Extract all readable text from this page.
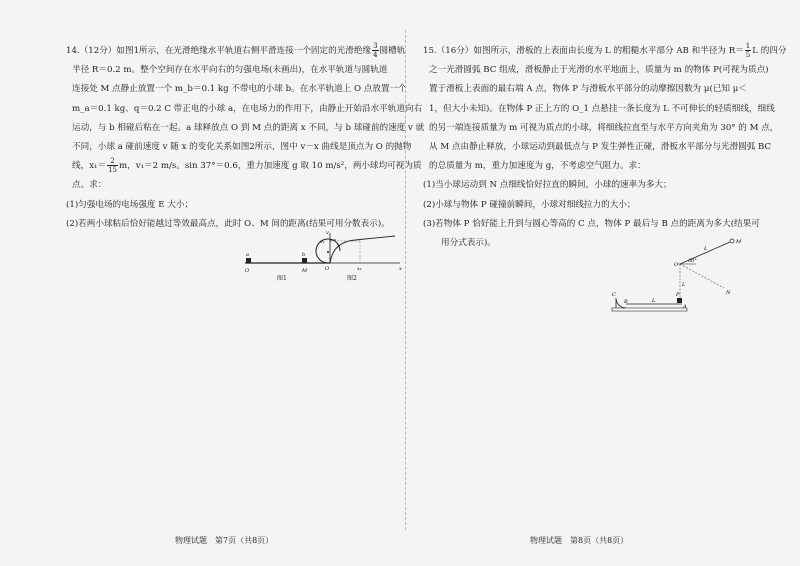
14.（12分）如图1所示，在光滑绝缘水平轨道右侧平滑连接一个固定的光滑绝缘 $\frac{3}{4}$ 圆槽轨
半径 R＝0.2 m。整个空间存在水平向右的匀强电场(未画出)，在水平轨道与圆轨道
连接处 M 点静止放置一个 m_b＝0.1 kg 不带电的小球 b。在水平轨道上 O 点放置一个
m_a＝0.1 kg、q＝0.2 C 带正电的小球 a，在电场力的作用下，由静止开始沿水平轨道向右
运动，与 b 相碰后粘在一起。a 球释放点 O 到 M 点的距离 x 不同，与 b 球碰前的速度 v 就
不同，小球 a 碰前速度 v 随 x 的变化关系如图2所示，图中 v－x 曲线是顶点为 O 的抛物
线，$x_1= \frac{2}{15}$ m，v₁＝2 m/s。sin 37°＝0.6，重力加速度 g 取 10 m/s²，两小球均可视为质
点。求：
(1)匀强电场的电场强度 E 大小；
(2)若两小球粘后恰好能越过等效最高点，此时 O、M 间的距离(结果可用分数表示)。
O	M
a	b
图1
v
O	x
v₁
x₁
图2
物理试题　第7页（共8页）
15.（16分）如图所示，滑板的上表面由长度为 L 的粗糙水平部分 AB 和半径为 $R= \frac{1}{5}$ L 的四分
之一光滑圆弧 BC 组成，滑板静止于光滑的水平地面上，质量为 m 的物体 P(可视为质点)
置于滑板上表面的最右端 A 点，物体 P 与滑板水平部分的动摩擦因数为 μ(已知 μ＜
1，但大小未知)。在物体 P 正上方的 O_1 点悬挂一条长度为 L 不可伸长的轻质细线，细线
的另一端连接质量为 m 可视为质点的小球，将细线拉直至与水平方向夹角为 30° 的 M 点，
从 M 点由静止释放，小球运动到最低点与 P 发生弹性正碰，滑板水平部分与光滑圆弧 BC
的总质量为 m，重力加速度为 g，不考虑空气阻力。求：
(1)当小球运动到 N 点细线恰好拉直的瞬间，小球的速率为多大；
(2)小球与物体 P 碰撞前瞬间，小球对细线拉力的大小；
(3)若物体 P 恰好能上升到与圆心等高的 C 点，物体 P 最后与 B 点的距离为多大(结果可
用分式表示)。
O
L
30°
M
N
L
C
B
A
P
L
物理试题　第8页（共8页）
